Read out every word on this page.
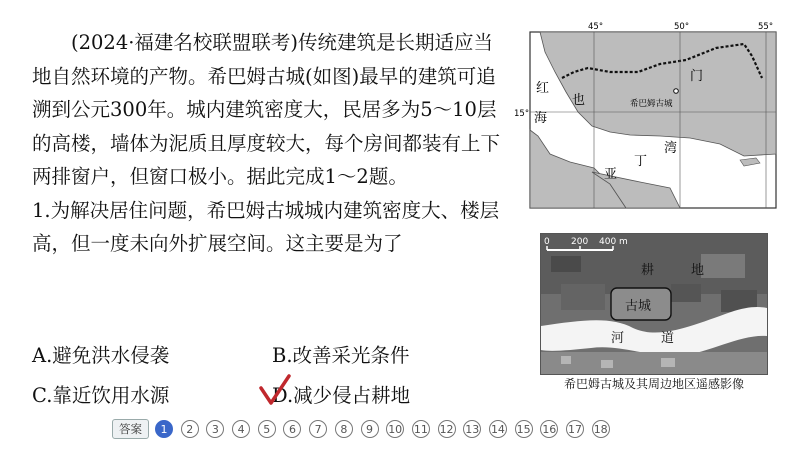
(2024·福建名校联盟联考)传统建筑是长期适应当地自然环境的产物。希巴姆古城(如图)最早的建筑可追溯到公元300年。城内建筑密度大，民居多为5～10层的高楼，墙体为泥质且厚度较大，每个房间都装有上下两排窗户，但窗口极小。据此完成1～2题。

1.为解决居住问题，希巴姆古城城内建筑密度大、楼层高，但一度未向外扩展空间。这主要是为了

A.避免洪水侵袭	B.改善采光条件
C.靠近饮用水源	D.减少侵占耕地
45°	50°	55°
15°
红
海
也
门
希巴姆古城
亚
丁
湾
0 200 400 m
耕	地
古城
河	道
希巴姆古城及其周边地区遥感影像
答案	1	2	3	4	5	6	7	8	9	10 11 12 13 14 15 16 17 18
